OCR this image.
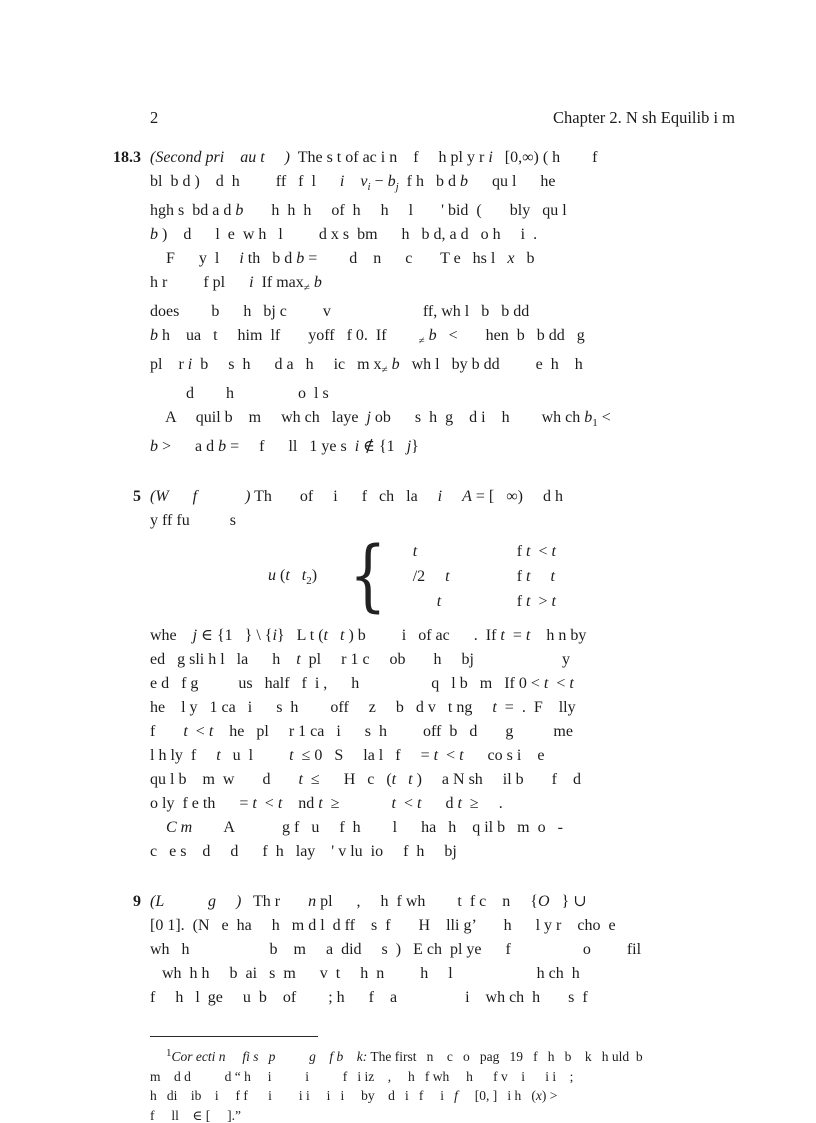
2	Chapter 2. N sh Equilib i m
18.3 (Second pri    au t     )  The s t of ac i n    f     h pl y r i   [0,∞) ( h        f
bl  b d )    d  h         ff   f  l      i $v_i - b_j$  f h   b d b      qu l      he
hgh s  bd a d b       h  h  h     of  h     h     l       ' bid  (       bly   qu l
b )    d      l  e  w h   l         d x s  bm      h   b d, a d   o h     i  .
F      y  l     i th   b d b =        d    n      c       T e   hs l   x   b
h r         f pl      i  If $\max_\ne b$
does        b      h   bj c         v                       ff, wh l   b   b dd
b h    ua   t     him  lf       yoff   f 0.  If        $_\ne$ b   <       hen  b   b dd   g
pl    r i  b     s  h      d a   h     ic   m $x_\ne$ b   wh l   by b dd         e  h    h
d        h                o  l s
A     quil b    m     wh ch   laye  j ob      s  h  g    d i    h        wh ch $b_1$ <
b >      a d b =     f      ll   1 ye s  i ∉ {1   j}
5 (W      f            ) Th       of     i      f   ch   la     i A = [   ∞)     d h
y ff fu          s
u (t $t_2$) {	t	f t  < t
/2     t	f t t
t	f t  > t
whe    j ∈ {1   } \ {i}   L t (t t ) b         i   of ac      .  If t  = t    h n by
ed   g sli h l   la      h    t  pl     r 1 c     ob       h     bj                      y
e d   f g          us   half   f  i ,      h                  q   l b   m   If 0 < t  < t
he    l y   1 ca   i      s  h        off     z     b   d v   t ng     t  =  .  F    lly
f       t  < t    he   pl     r 1 ca   i      s  h         off  b   d       g          me
l h ly  f     t   u  l         t  ≤ 0   S     la l   f     = t  < t      co s i    e
qu l b    m  w       d       t  ≤      H   c   (t t )     a N sh     il b       f    d
o ly  f e th      = t  < t    nd t  ≥             t  < t      d t  ≥     .
C m        A            g f   u     f  h        l      ha   h    q il b   m  o   -
c   e s    d     d      f  h   lay    ' v lu  io     f  h     bj
9 (L           g     )   Th r       n pl      ,     h  f wh        t  f c    n     {O   } ∪
[0 1].  (N   e  ha     h   m d l  d ff    s  f       H    lli g’       h      l y r    cho  e
wh   h                    b    m     a  did     s  )   E ch  pl ye      f                  o         fil
wh  h h     b  ai   s  m      v  t     h  n         h     l                     h ch  h
f     h   l  ge     u  b    of        ; h      f    a                 i    wh ch  h       s  f
$^1$Cor ecti n     fi s   p          g    f b    k: The first   n    c   o   pag   19   f   h   b    k   h uld  b
m    d d          d “ h     i          i          f   i iz    ,     h   f wh     h      f v    i      i i    ;
h   di    ib    i     f f      i        i i     i   i     by    d   i   f     i   f     [0, ]   i h   (x) >
f     ll    ∈ [     ].”
